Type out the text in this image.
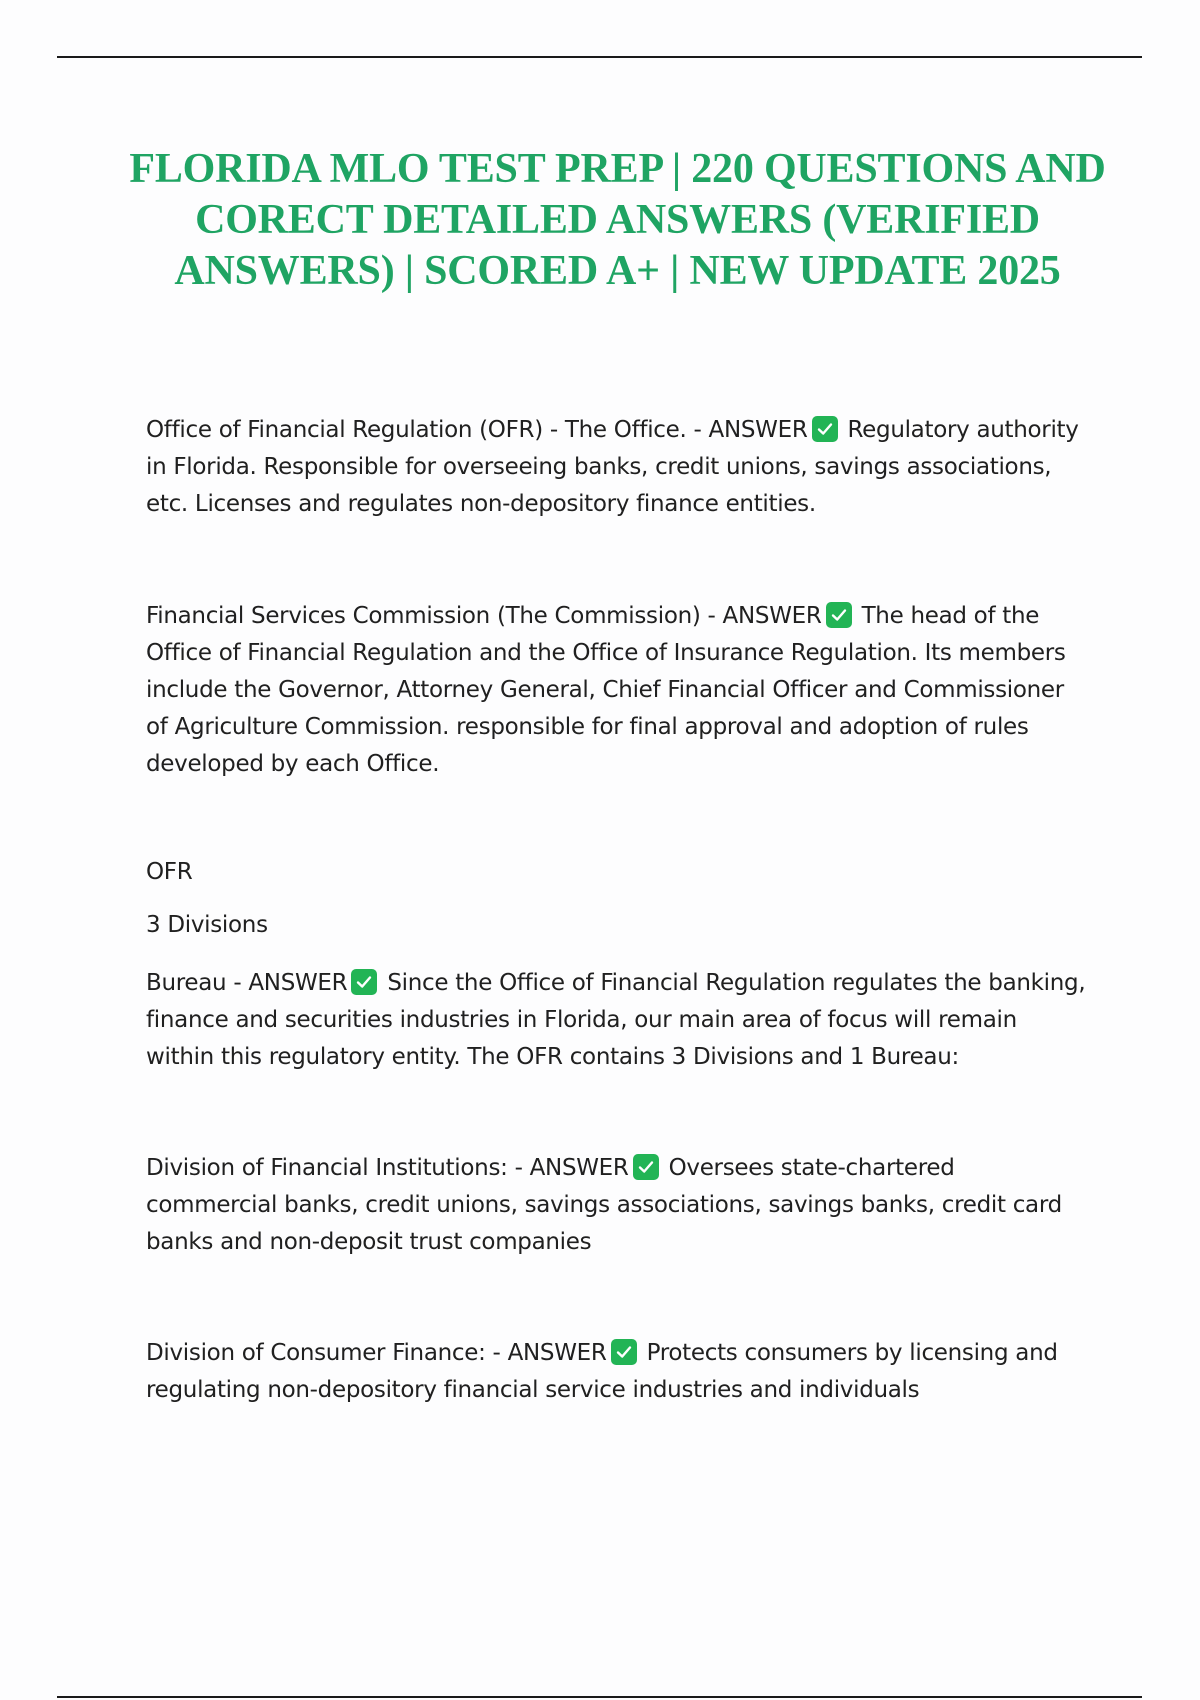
FLORIDA MLO TEST PREP | 220 QUESTIONS AND CORECT DETAILED ANSWERS (VERIFIED ANSWERS) | SCORED A+ | NEW UPDATE 2025

Office of Financial Regulation (OFR) - The Office. - ANSWER Regulatory authority in Florida. Responsible for overseeing banks, credit unions, savings associations, etc. Licenses and regulates non-depository finance entities.

Financial Services Commission (The Commission) - ANSWER The head of the Office of Financial Regulation and the Office of Insurance Regulation. Its members include the Governor, Attorney General, Chief Financial Officer and Commissioner of Agriculture Commission. responsible for final approval and adoption of rules developed by each Office.

OFR

3 Divisions

Bureau - ANSWER Since the Office of Financial Regulation regulates the banking, finance and securities industries in Florida, our main area of focus will remain within this regulatory entity. The OFR contains 3 Divisions and 1 Bureau:

Division of Financial Institutions: - ANSWER Oversees state-chartered commercial banks, credit unions, savings associations, savings banks, credit card banks and non-deposit trust companies

Division of Consumer Finance: - ANSWER Protects consumers by licensing and regulating non-depository financial service industries and individuals
